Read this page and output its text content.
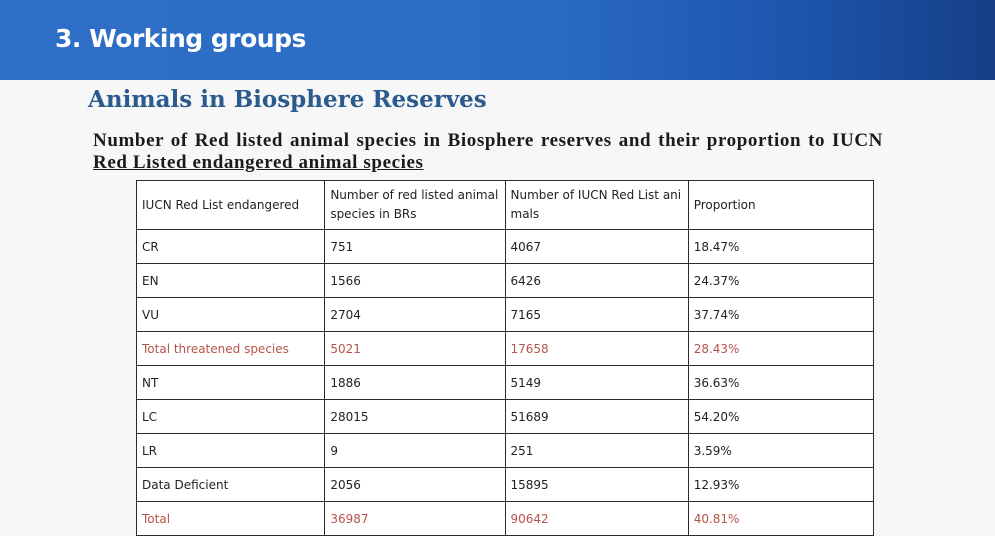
3. Working groups
Animals in Biosphere Reserves
Number of Red listed animal species in Biosphere reserves and their proportion to IUCN Red Listed endangered animal species
IUCN Red List endangered	Number of red listed animal species in BRs	Number of IUCN Red List ani mals	Proportion
CR	751	4067	18.47%
EN	1566	6426	24.37%
VU	2704	7165	37.74%
Total threatened species	5021	17658	28.43%
NT	1886	5149	36.63%
LC	28015	51689	54.20%
LR	9	251	3.59%
Data Deficient	2056	15895	12.93%
Total	36987	90642	40.81%
